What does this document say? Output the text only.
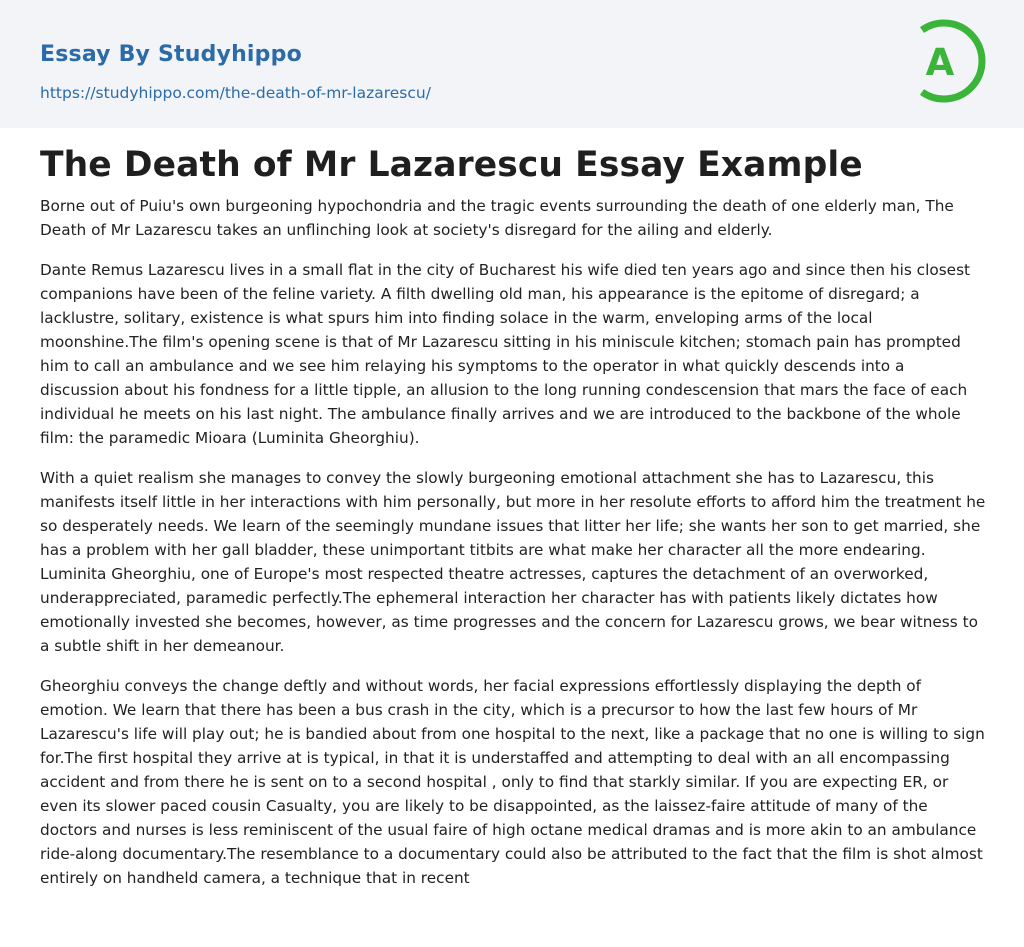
Essay By Studyhippo
https://studyhippo.com/the-death-of-mr-lazarescu/
A
The Death of Mr Lazarescu Essay Example

Borne out of Puiu's own burgeoning hypochondria and the tragic events surrounding the death of one elderly man, The Death of Mr Lazarescu takes an unflinching look at society's disregard for the ailing and elderly.

Dante Remus Lazarescu lives in a small flat in the city of Bucharest his wife died ten years ago and since then his closest companions have been of the feline variety. A filth dwelling old man, his appearance is the epitome of disregard; a lacklustre, solitary, existence is what spurs him into finding solace in the warm, enveloping arms of the local moonshine.The film's opening scene is that of Mr Lazarescu sitting in his miniscule kitchen; stomach pain has prompted him to call an ambulance and we see him relaying his symptoms to the operator in what quickly descends into a discussion about his fondness for a little tipple, an allusion to the long running condescension that mars the face of each individual he meets on his last night. The ambulance finally arrives and we are introduced to the backbone of the whole film: the paramedic Mioara (Luminita Gheorghiu).

With a quiet realism she manages to convey the slowly burgeoning emotional attachment she has to Lazarescu, this manifests itself little in her interactions with him personally, but more in her resolute efforts to afford him the treatment he so desperately needs. We learn of the seemingly mundane issues that litter her life; she wants her son to get married, she has a problem with her gall bladder, these unimportant titbits are what make her character all the more endearing. Luminita Gheorghiu, one of Europe's most respected theatre actresses, captures the detachment of an overworked, underappreciated, paramedic perfectly.The ephemeral interaction her character has with patients likely dictates how emotionally invested she becomes, however, as time progresses and the concern for Lazarescu grows, we bear witness to a subtle shift in her demeanour.

Gheorghiu conveys the change deftly and without words, her facial expressions effortlessly displaying the depth of emotion. We learn that there has been a bus crash in the city, which is a precursor to how the last few hours of Mr Lazarescu's life will play out; he is bandied about from one hospital to the next, like a package that no one is willing to sign for.The first hospital they arrive at is typical, in that it is understaffed and attempting to deal with an all encompassing accident and from there he is sent on to a second hospital , only to find that starkly similar. If you are expecting ER, or even its slower paced cousin Casualty, you are likely to be disappointed, as the laissez-faire attitude of many of the doctors and nurses is less reminiscent of the usual faire of high octane medical dramas and is more akin to an ambulance ride-along documentary.The resemblance to a documentary could also be attributed to the fact that the film is shot almost entirely on handheld camera, a technique that in recent
